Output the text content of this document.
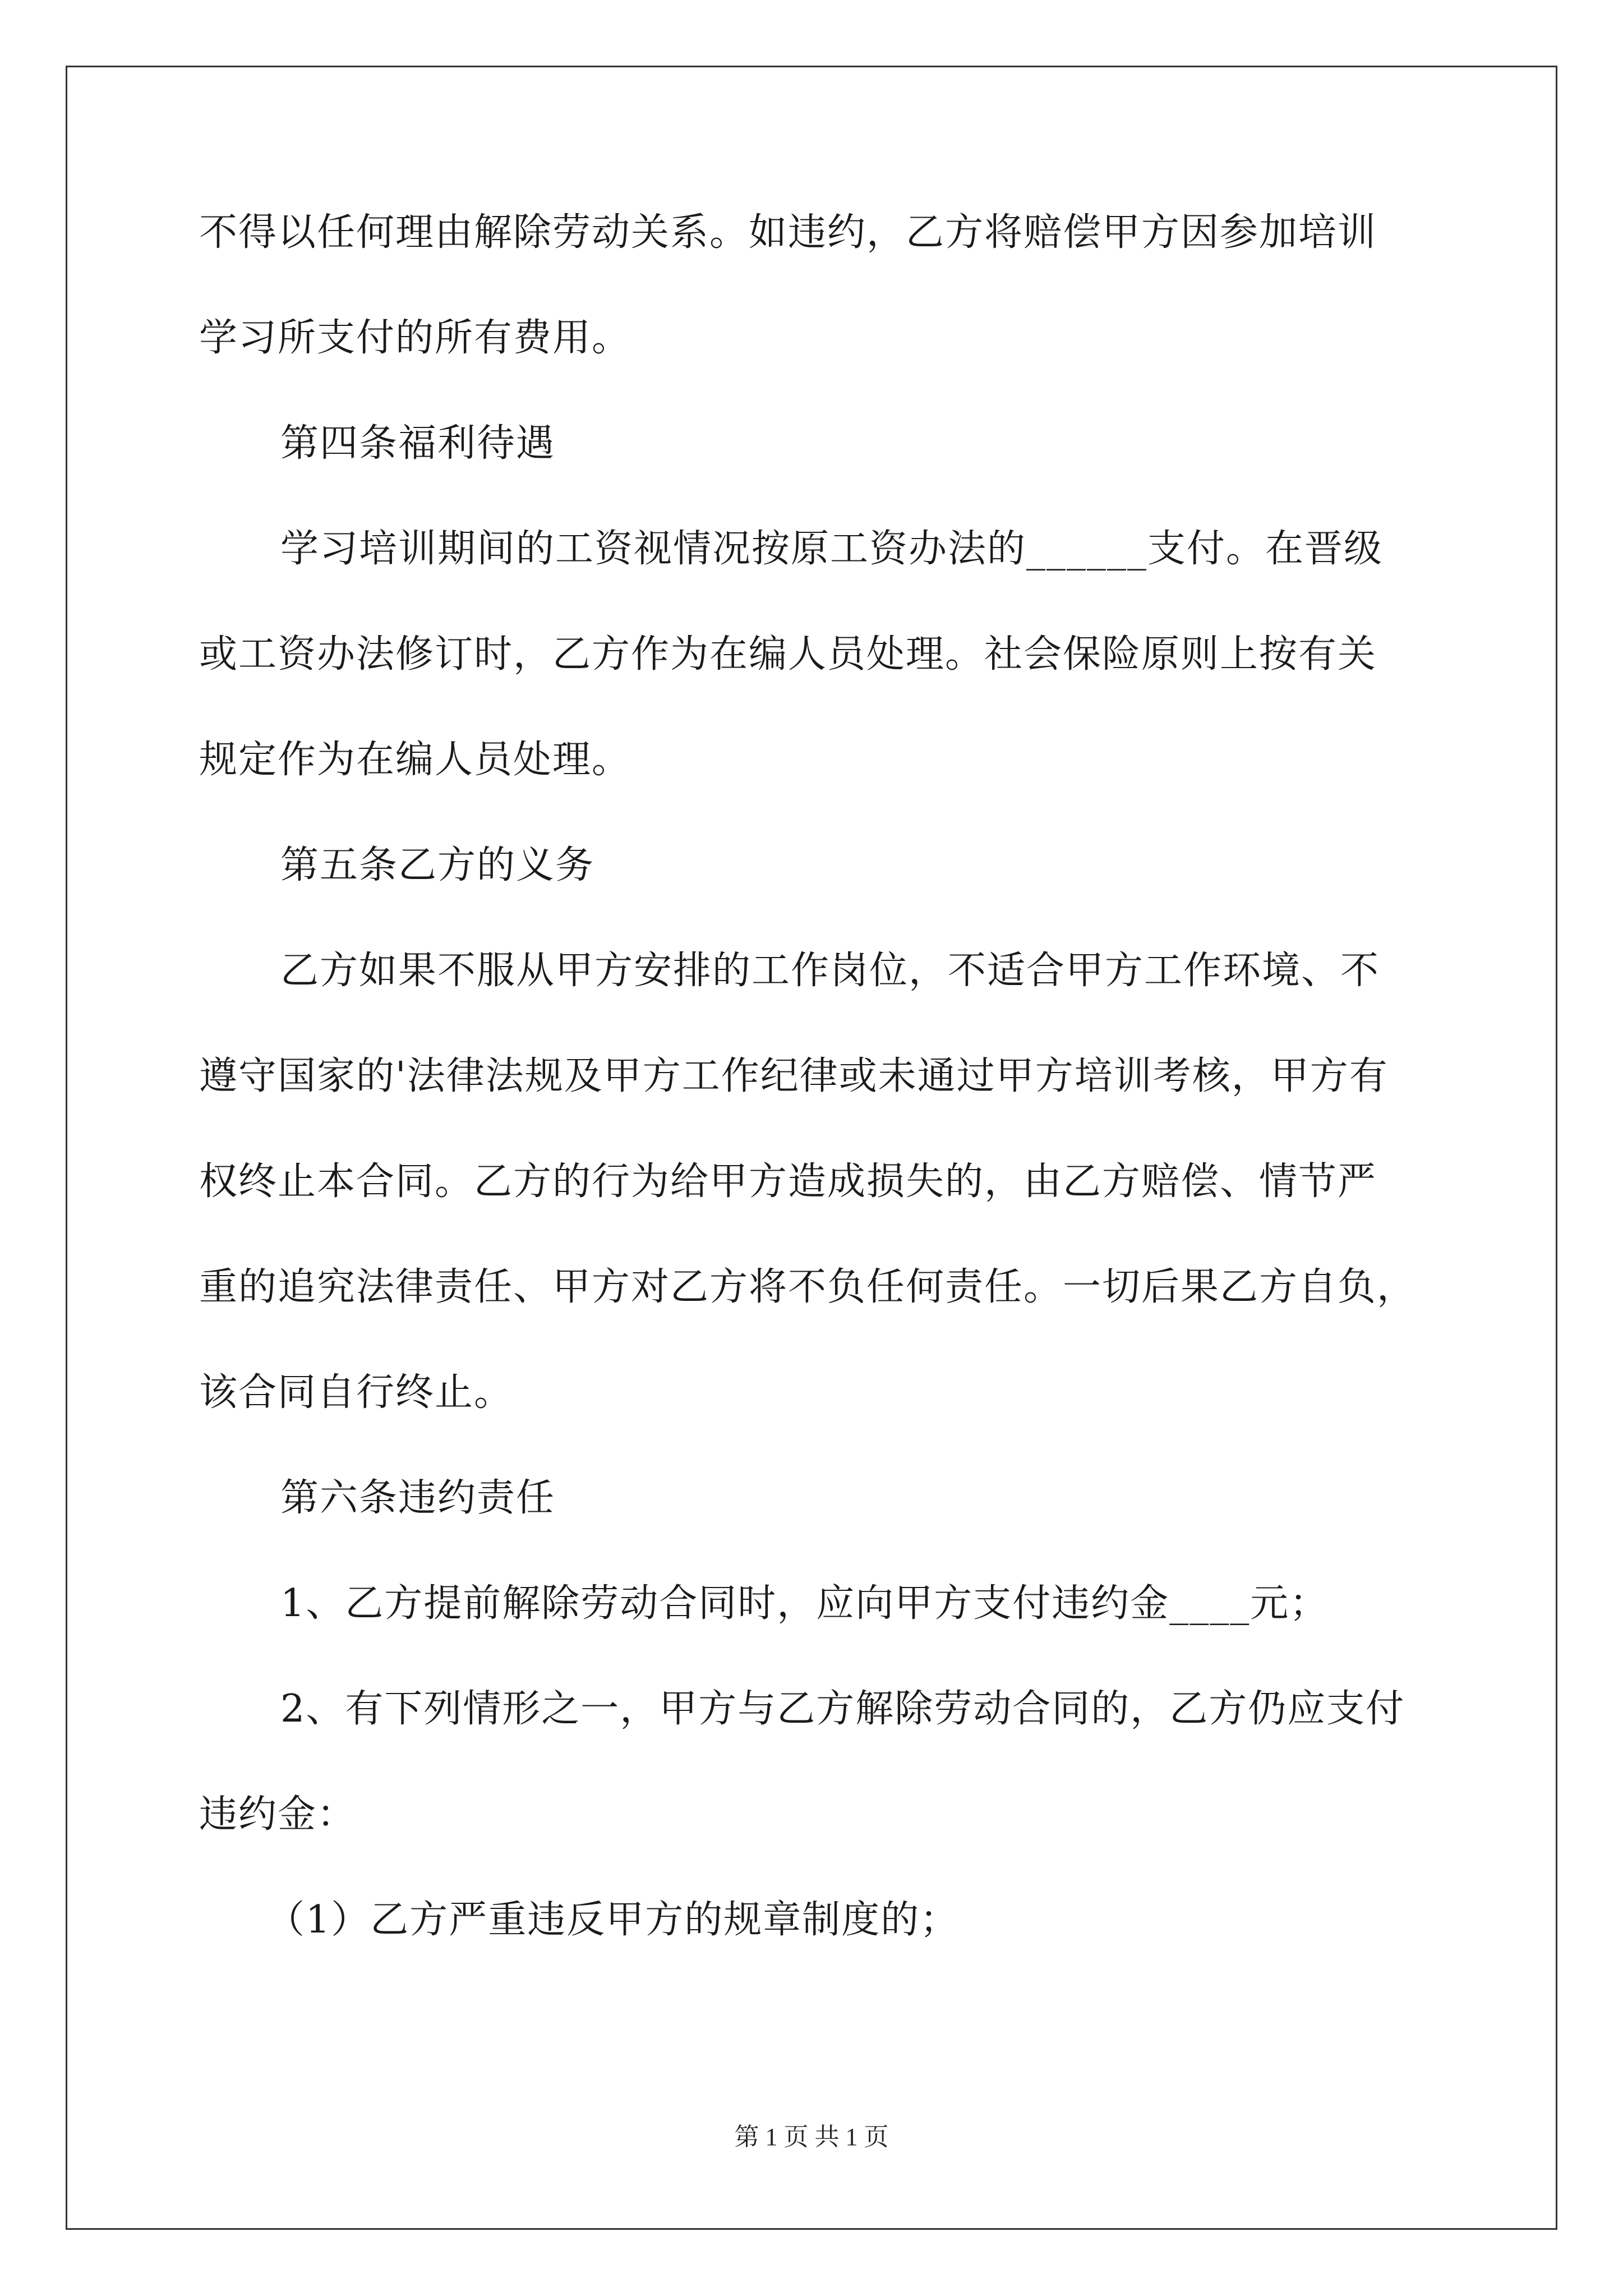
不得以任何理由解除劳动关系。如违约，乙方将赔偿甲方因参加培训
学习所支付的所有费用。
第四条福利待遇
学习培训期间的工资视情况按原工资办法的______支付。在晋级
或工资办法修订时，乙方作为在编人员处理。社会保险原则上按有关
规定作为在编人员处理。
第五条乙方的义务
乙方如果不服从甲方安排的工作岗位，不适合甲方工作环境、不
遵守国家的'法律法规及甲方工作纪律或未通过甲方培训考核，甲方有
权终止本合同。乙方的行为给甲方造成损失的，由乙方赔偿、情节严
重的追究法律责任、甲方对乙方将不负任何责任。一切后果乙方自负，
该合同自行终止。
第六条违约责任
1、乙方提前解除劳动合同时，应向甲方支付违约金____元；
2、有下列情形之一，甲方与乙方解除劳动合同的，乙方仍应支付
违约金：
（1）乙方严重违反甲方的规章制度的；
第 1 页 共 1 页
